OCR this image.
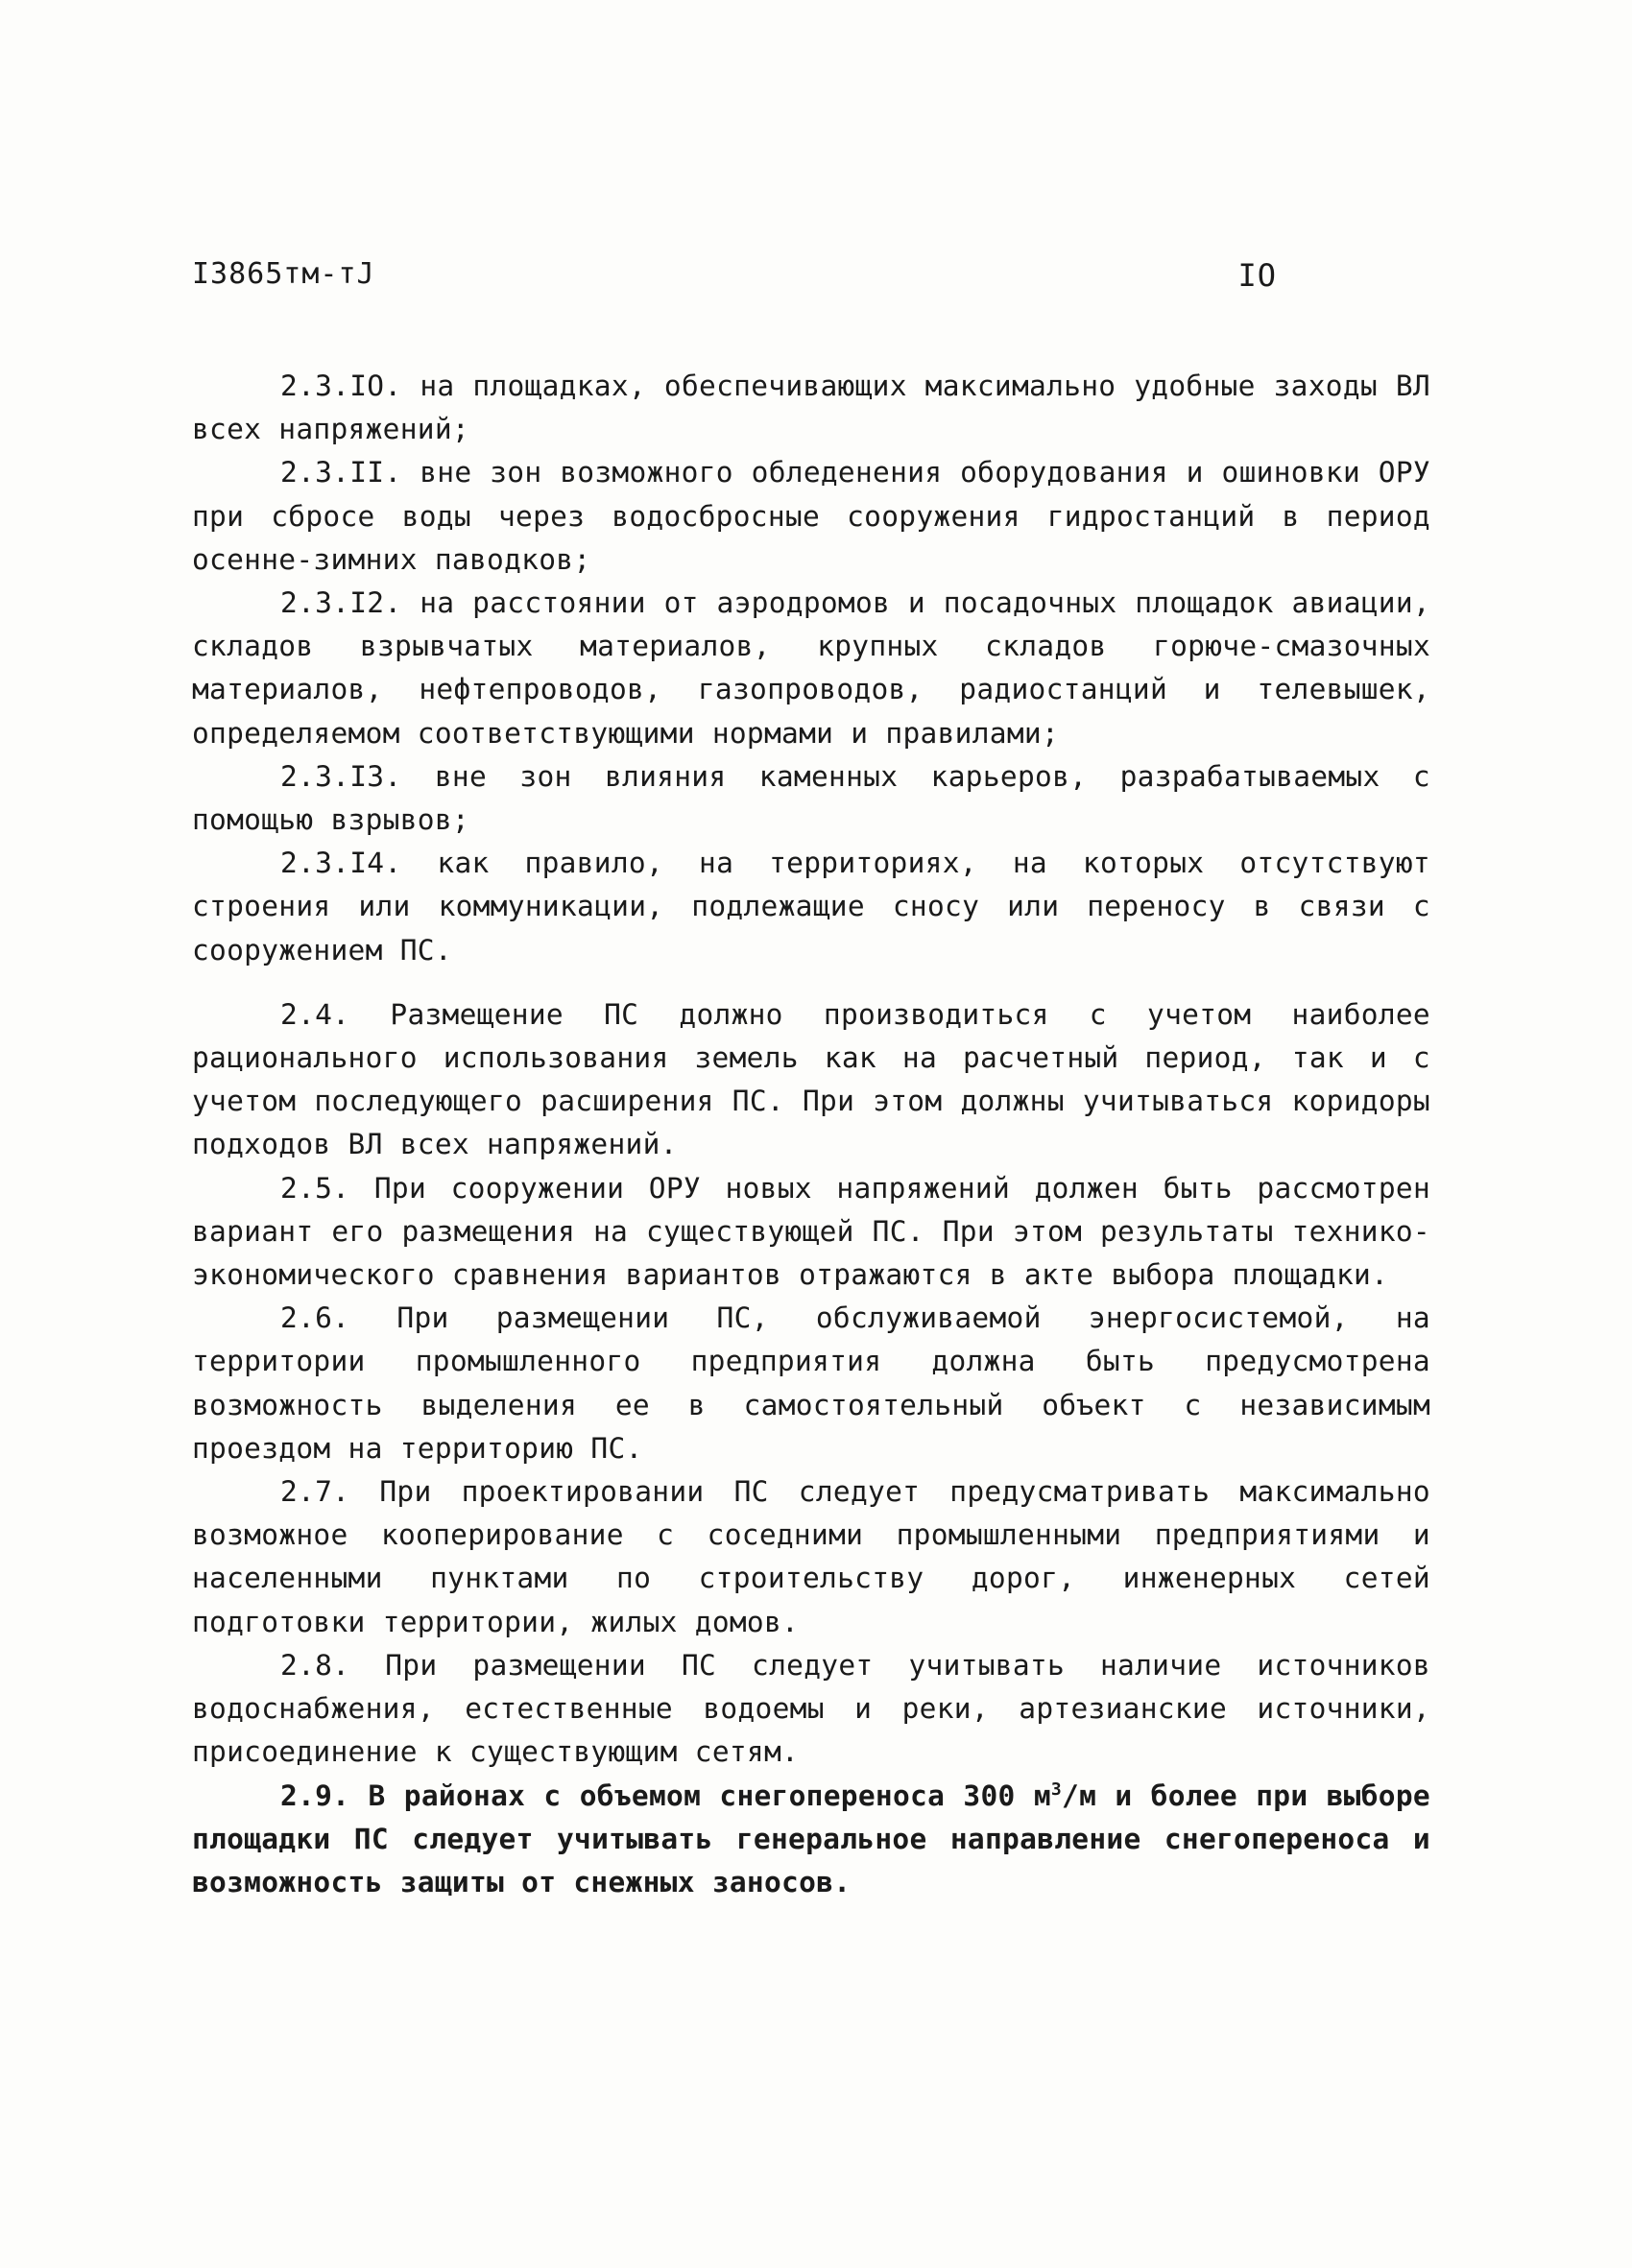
I3865тм-тJ	IO

2.3.IO. на площадках, обеспечивающих максимально удобные заходы ВЛ всех напряжений;

2.3.II. вне зон возможного обледенения оборудования и ошиновки ОРУ при сбросе воды через водосбросные сооружения гидростанций в период осенне-зимних паводков;

2.3.I2. на расстоянии от аэродромов и посадочных площадок авиации, складов взрывчатых материалов, крупных складов горюче-смазочных материалов, нефтепроводов, газопроводов, радиостанций и телевышек, определяемом соответствующими нормами и правилами;

2.3.I3. вне зон влияния каменных карьеров, разрабатываемых с помощью взрывов;

2.3.I4. как правило, на территориях, на которых отсутствуют строения или коммуникации, подлежащие сносу или переносу в связи с сооружением ПС.

2.4. Размещение ПС должно производиться с учетом наиболее рационального использования земель как на расчетный период, так и с учетом последующего расширения ПС. При этом должны учитываться коридоры подходов ВЛ всех напряжений.

2.5. При сооружении ОРУ новых напряжений должен быть рассмотрен вариант его размещения на существующей ПС. При этом результаты технико-экономического сравнения вариантов отражаются в акте выбора площадки.

2.6. При размещении ПС, обслуживаемой энергосистемой, на территории промышленного предприятия должна быть предусмотрена возможность выделения ее в самостоятельный объект с независимым проездом на территорию ПС.

2.7. При проектировании ПС следует предусматривать максимально возможное кооперирование с соседними промышленными предприятиями и населенными пунктами по строительству дорог, инженерных сетей подготовки территории, жилых домов.

2.8. При размещении ПС следует учитывать наличие источников водоснабжения, естественные водоемы и реки, артезианские источники, присоединение к существующим сетям.

2.9. В районах с объемом снегопереноса 300 $м^3/м$ и более при выборе площадки ПС следует учитывать генеральное направление снегопереноса и возможность защиты от снежных заносов.
